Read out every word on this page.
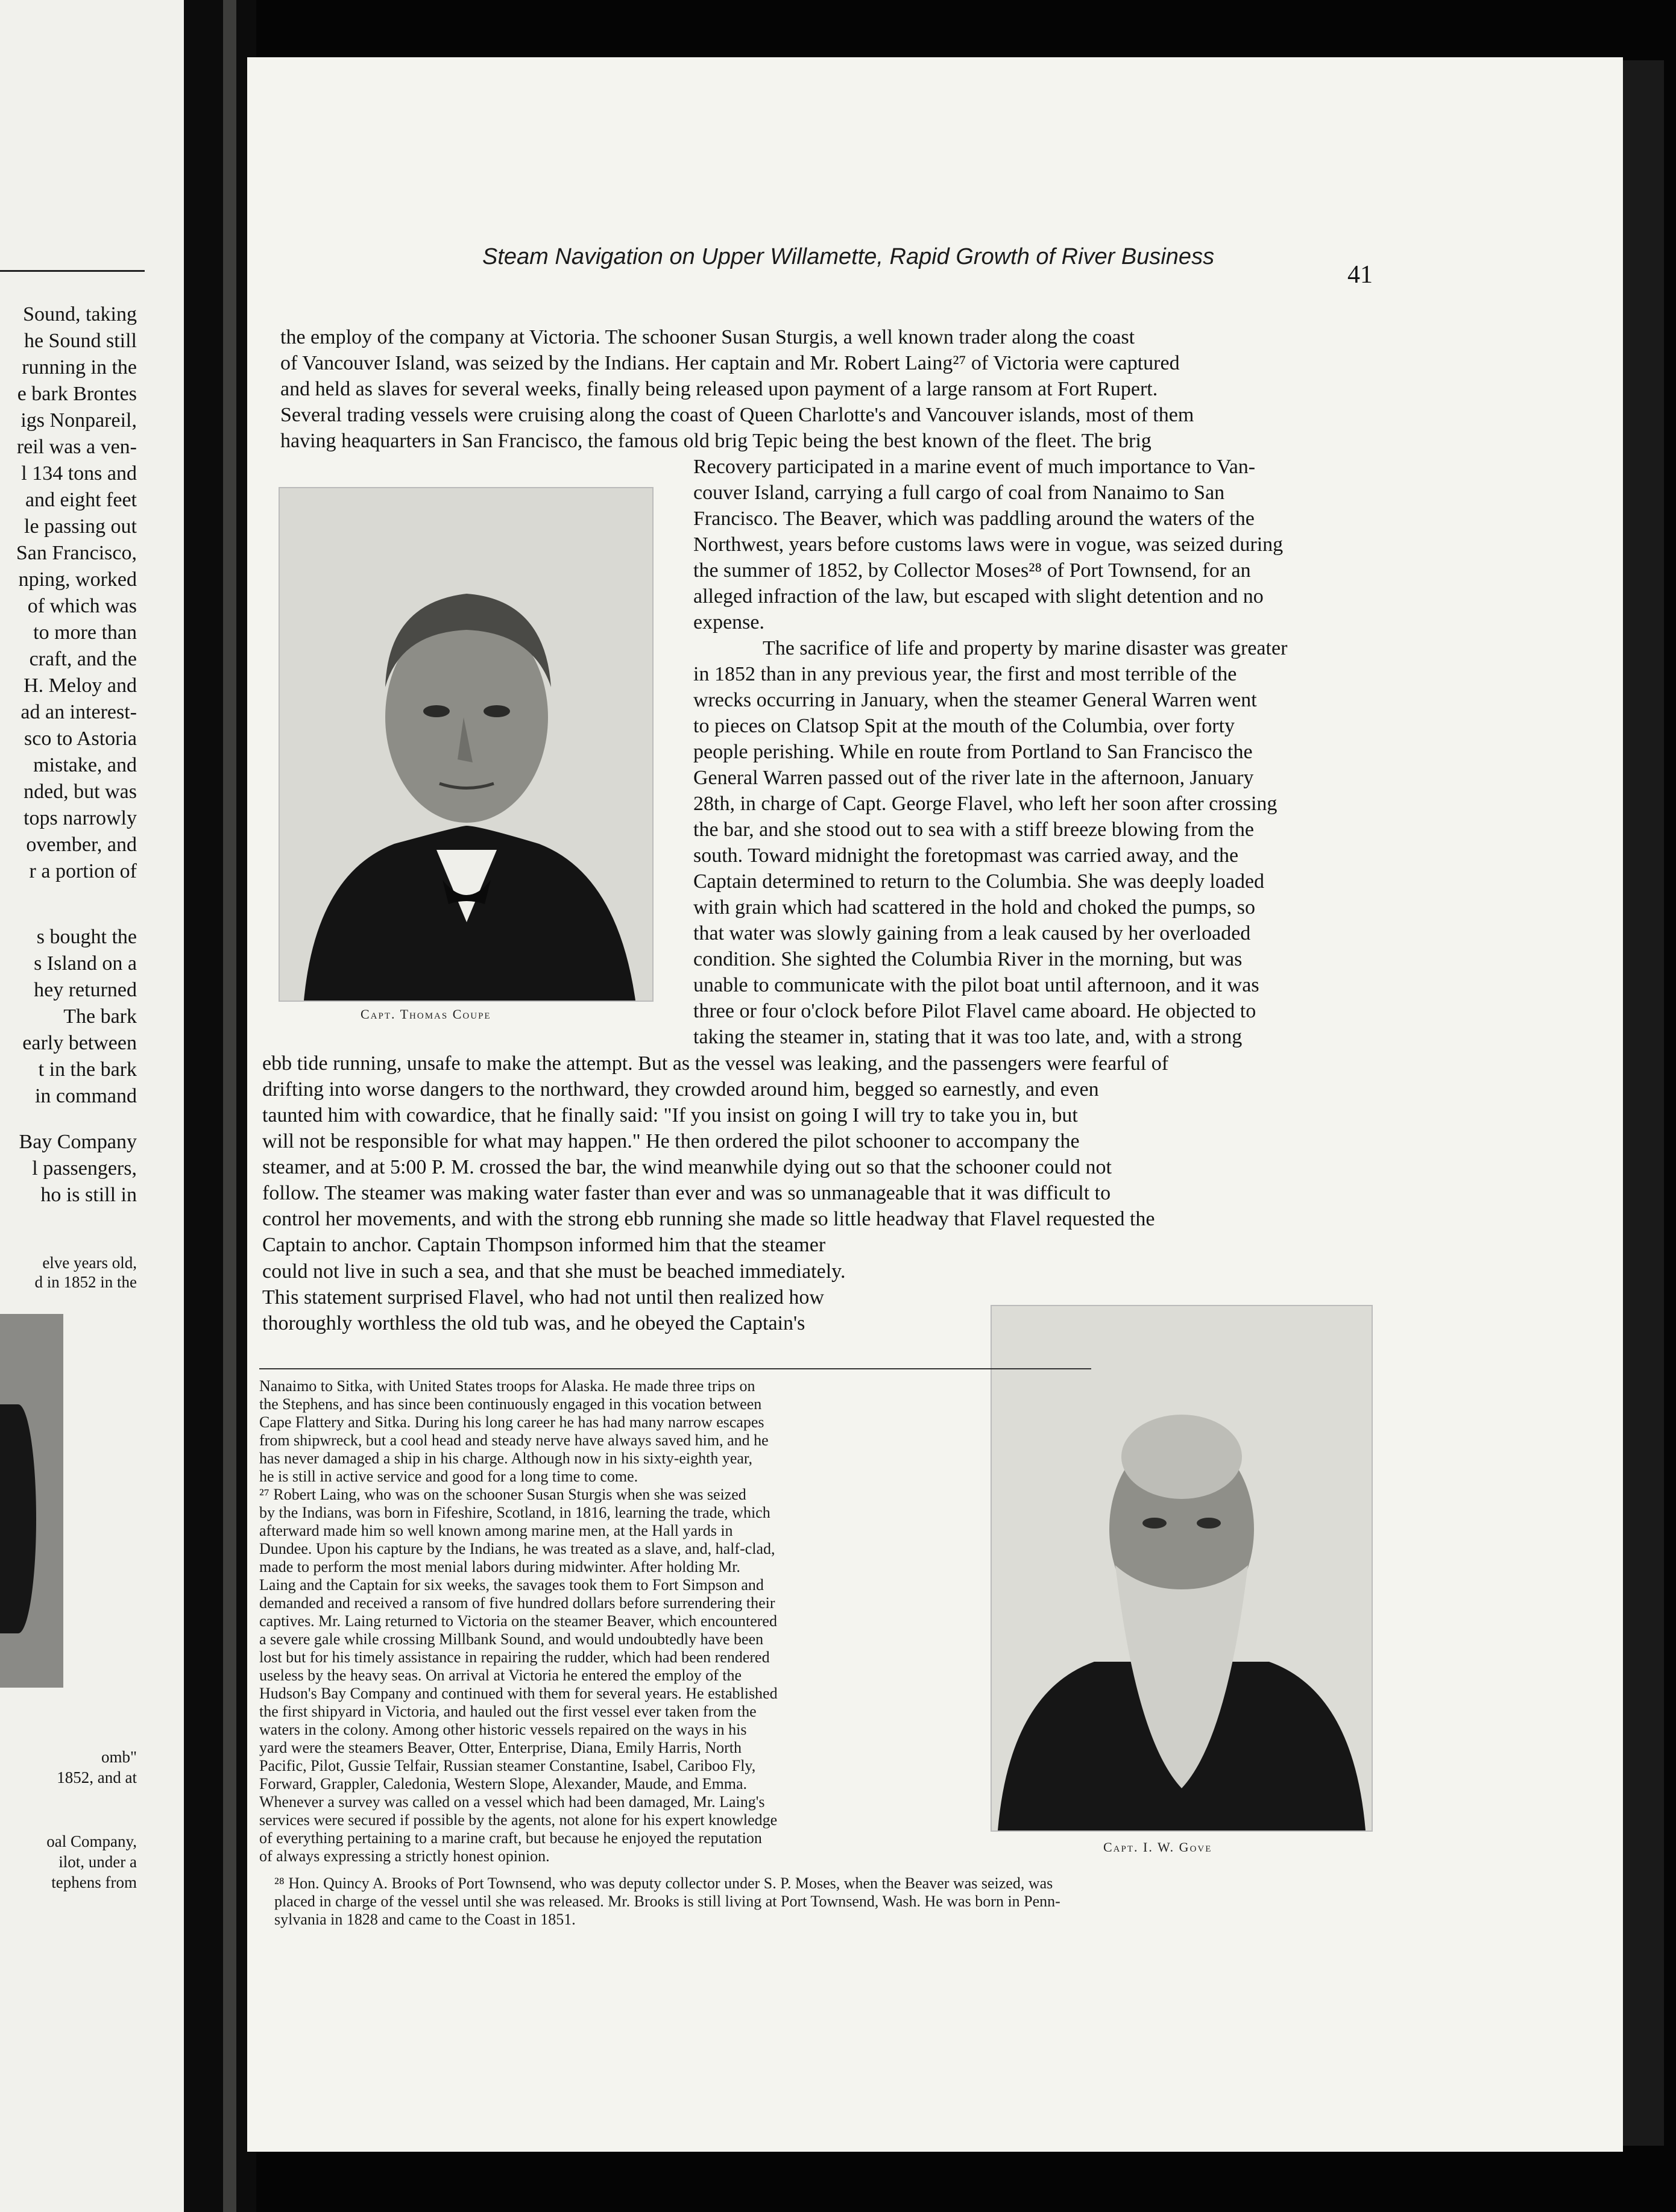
Sound, taking
he Sound still
running in the
e bark Brontes
igs Nonpareil,
reil was a ven-
l 134 tons and
and eight feet
le passing out
San Francisco,
nping, worked
of which was
to more than
craft, and the
H. Meloy and
ad an interest-
sco to Astoria
mistake, and
nded, but was
tops narrowly
ovember, and
r a portion of
s bought the
s Island on a
hey returned
The bark
early between
t in the bark
in command
Bay Company
l passengers,
ho is still in
elve years old,
d in 1852 in the
omb"
1852, and at
oal Company,
ilot, under a
tephens from
Steam Navigation on Upper Willamette, Rapid Growth of River Business
41
the employ of the company at Victoria. The schooner Susan Sturgis, a well known trader along the coast
of Vancouver Island, was seized by the Indians. Her captain and Mr. Robert Laing²⁷ of Victoria were captured
and held as slaves for several weeks, finally being released upon payment of a large ransom at Fort Rupert.
Several trading vessels were cruising along the coast of Queen Charlotte's and Vancouver islands, most of them
having heaquarters in San Francisco, the famous old brig Tepic being the best known of the fleet. The brig
Recovery participated in a marine event of much importance to Van-
couver Island, carrying a full cargo of coal from Nanaimo to San
Francisco. The Beaver, which was paddling around the waters of the
Northwest, years before customs laws were in vogue, was seized during
the summer of 1852, by Collector Moses²⁸ of Port Townsend, for an
alleged infraction of the law, but escaped with slight detention and no
expense.
The sacrifice of life and property by marine disaster was greater
in 1852 than in any previous year, the first and most terrible of the
wrecks occurring in January, when the steamer General Warren went
to pieces on Clatsop Spit at the mouth of the Columbia, over forty
people perishing. While en route from Portland to San Francisco the
General Warren passed out of the river late in the afternoon, January
28th, in charge of Capt. George Flavel, who left her soon after crossing
the bar, and she stood out to sea with a stiff breeze blowing from the
south. Toward midnight the foretopmast was carried away, and the
Captain determined to return to the Columbia. She was deeply loaded
with grain which had scattered in the hold and choked the pumps, so
that water was slowly gaining from a leak caused by her overloaded
condition. She sighted the Columbia River in the morning, but was
unable to communicate with the pilot boat until afternoon, and it was
three or four o'clock before Pilot Flavel came aboard. He objected to
taking the steamer in, stating that it was too late, and, with a strong
ebb tide running, unsafe to make the attempt. But as the vessel was leaking, and the passengers were fearful of
drifting into worse dangers to the northward, they crowded around him, begged so earnestly, and even
taunted him with cowardice, that he finally said: "If you insist on going I will try to take you in, but
will not be responsible for what may happen." He then ordered the pilot schooner to accompany the
steamer, and at 5:00 P. M. crossed the bar, the wind meanwhile dying out so that the schooner could not
follow. The steamer was making water faster than ever and was so unmanageable that it was difficult to
control her movements, and with the strong ebb running she made so little headway that Flavel requested the
Captain to anchor. Captain Thompson informed him that the steamer
could not live in such a sea, and that she must be beached immediately.
This statement surprised Flavel, who had not until then realized how
thoroughly worthless the old tub was, and he obeyed the Captain's
Capt. Thomas Coupe
Capt. I. W. Gove
Nanaimo to Sitka, with United States troops for Alaska. He made three trips on
the Stephens, and has since been continuously engaged in this vocation between
Cape Flattery and Sitka. During his long career he has had many narrow escapes
from shipwreck, but a cool head and steady nerve have always saved him, and he
has never damaged a ship in his charge. Although now in his sixty-eighth year,
he is still in active service and good for a long time to come.
²⁷ Robert Laing, who was on the schooner Susan Sturgis when she was seized
by the Indians, was born in Fifeshire, Scotland, in 1816, learning the trade, which
afterward made him so well known among marine men, at the Hall yards in
Dundee. Upon his capture by the Indians, he was treated as a slave, and, half-clad,
made to perform the most menial labors during midwinter. After holding Mr.
Laing and the Captain for six weeks, the savages took them to Fort Simpson and
demanded and received a ransom of five hundred dollars before surrendering their
captives. Mr. Laing returned to Victoria on the steamer Beaver, which encountered
a severe gale while crossing Millbank Sound, and would undoubtedly have been
lost but for his timely assistance in repairing the rudder, which had been rendered
useless by the heavy seas. On arrival at Victoria he entered the employ of the
Hudson's Bay Company and continued with them for several years. He established
the first shipyard in Victoria, and hauled out the first vessel ever taken from the
waters in the colony. Among other historic vessels repaired on the ways in his
yard were the steamers Beaver, Otter, Enterprise, Diana, Emily Harris, North
Pacific, Pilot, Gussie Telfair, Russian steamer Constantine, Isabel, Cariboo Fly,
Forward, Grappler, Caledonia, Western Slope, Alexander, Maude, and Emma.
Whenever a survey was called on a vessel which had been damaged, Mr. Laing's
services were secured if possible by the agents, not alone for his expert knowledge
of everything pertaining to a marine craft, but because he enjoyed the reputation
of always expressing a strictly honest opinion.
²⁸ Hon. Quincy A. Brooks of Port Townsend, who was deputy collector under S. P. Moses, when the Beaver was seized, was
placed in charge of the vessel until she was released. Mr. Brooks is still living at Port Townsend, Wash. He was born in Penn-
sylvania in 1828 and came to the Coast in 1851.
